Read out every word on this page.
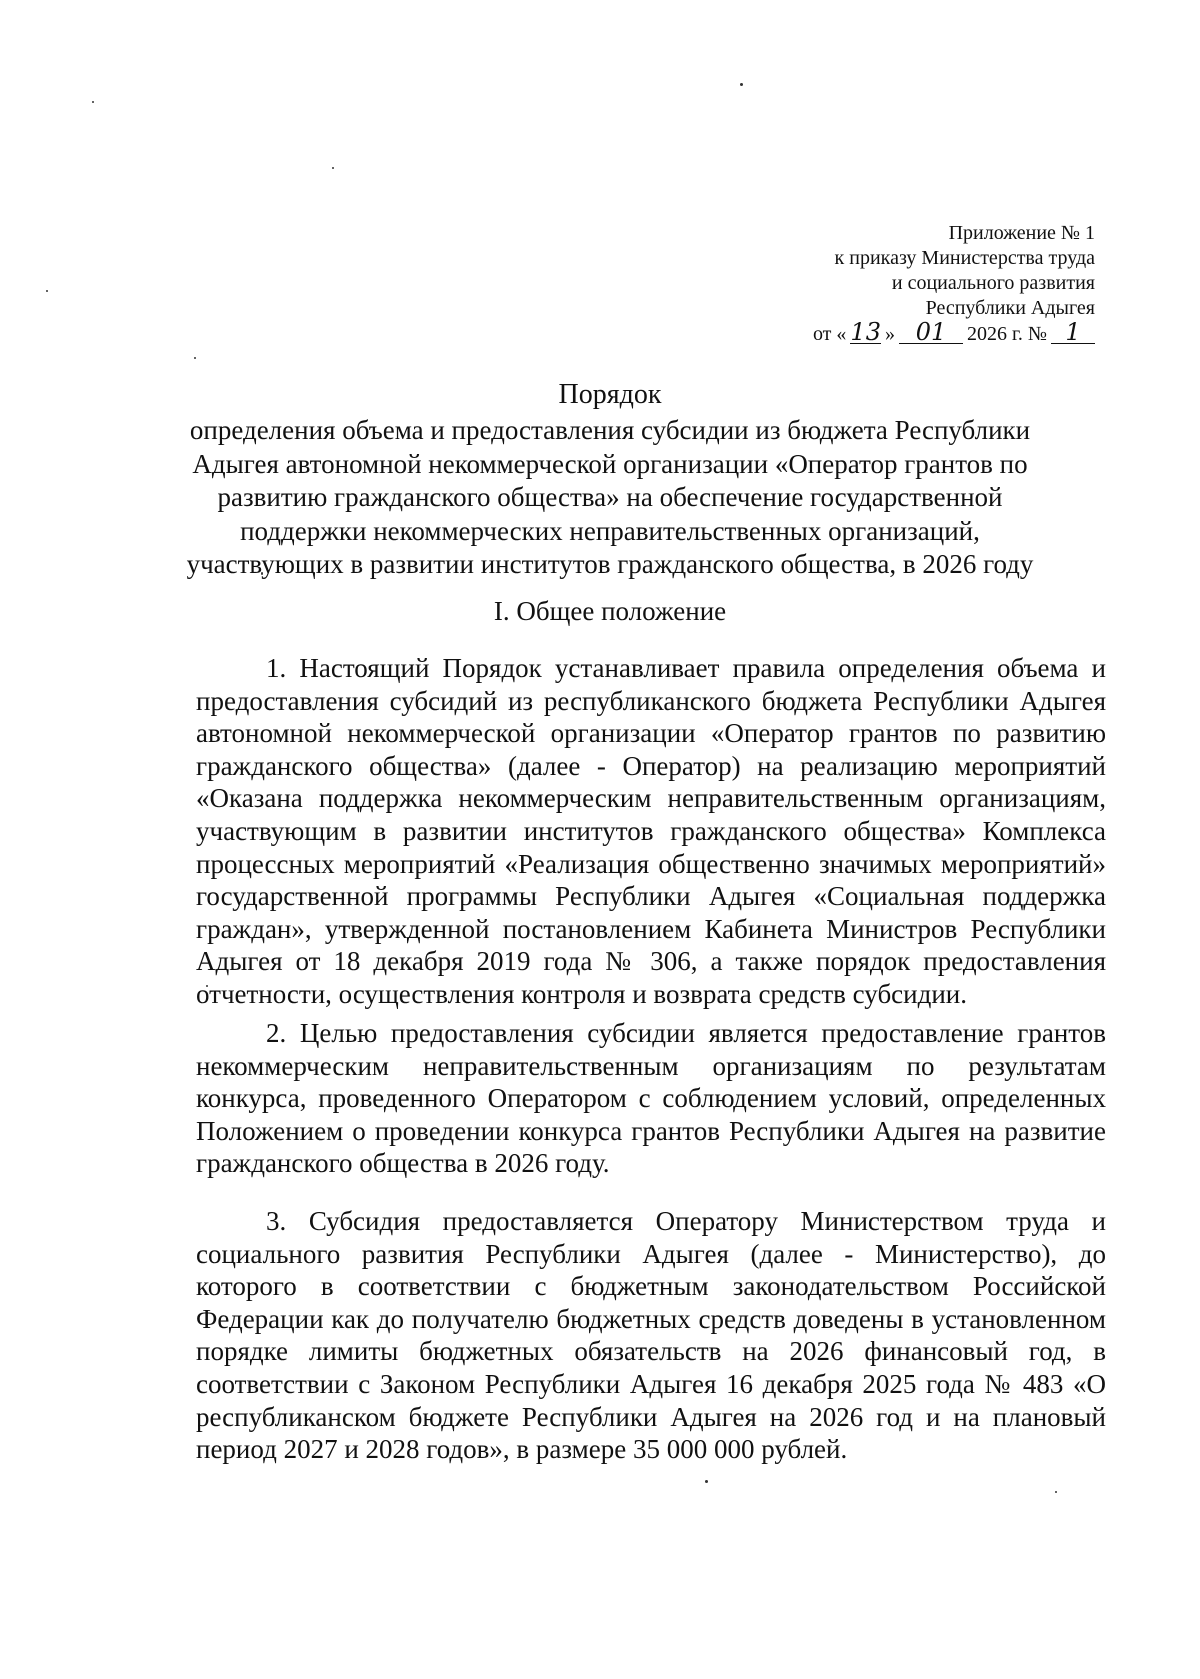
Приложение № 1
к приказу Министерства труда
и социального развития
Республики Адыгея
от « 13 » 01	2026 г. № 1
Порядок

определения объема и предоставления субсидии из бюджета Республики Адыгея автономной некоммерческой организации «Оператор грантов по развитию гражданского общества» на обеспечение государственной поддержки некоммерческих неправительственных организаций, участвующих в развитии институтов гражданского общества, в 2026 году

I. Общее положение

1. Настоящий Порядок устанавливает правила определения объема и предоставления субсидий из республиканского бюджета Республики Адыгея автономной некоммерческой организации «Оператор грантов по развитию гражданского общества» (далее - Оператор) на реализацию мероприятий «Оказана поддержка некоммерческим неправительственным организациям, участвующим в развитии институтов гражданского общества» Комплекса процессных мероприятий «Реализация общественно значимых мероприятий» государственной программы Республики Адыгея «Социальная поддержка граждан», утвержденной постановлением Кабинета Министров Республики Адыгея от 18 декабря 2019 года № 306, а также порядок предоставления отчетности, осуществления контроля и возврата средств субсидии.

2. Целью предоставления субсидии является предоставление грантов некоммерческим неправительственным организациям по результатам конкурса, проведенного Оператором с соблюдением условий, определенных Положением о проведении конкурса грантов Республики Адыгея на развитие гражданского общества в 2026 году.

3. Субсидия предоставляется Оператору Министерством труда и социального развития Республики Адыгея (далее - Министерство), до которого в соответствии с бюджетным законодательством Российской Федерации как до получателю бюджетных средств доведены в установленном порядке лимиты бюджетных обязательств на 2026 финансовый год, в соответствии с Законом Республики Адыгея 16 декабря 2025 года № 483 «О республиканском бюджете Республики Адыгея на 2026 год и на плановый период 2027 и 2028 годов», в размере 35 000 000 рублей.
